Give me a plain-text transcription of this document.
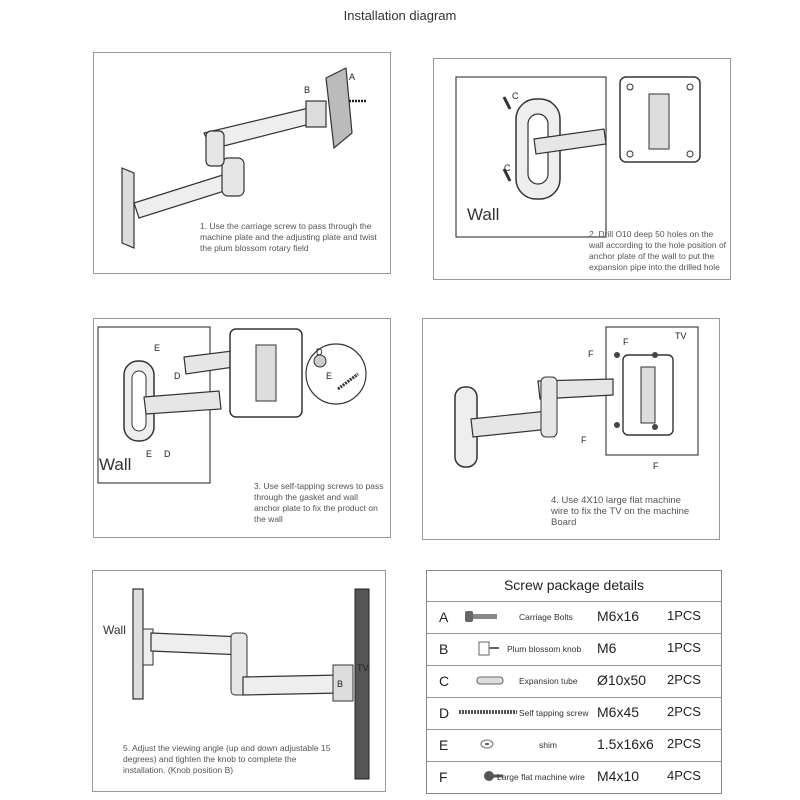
Installation diagram
A
B
1. Use the carriage screw to pass through the machine plate and the adjusting plate and twist the plum blossom rotary field
C
C
Wall
2. Drill O10 deep 50 holes on the wall according to the hole position of anchor plate of the wall to put the expansion pipe into the drilled hole
E
D
E D
D
E
Wall
3. Use self-tapping screws to pass through the gasket and wall anchor plate to fix the product on the wall
F
F
F
F
TV
4. Use 4X10 large flat machine wire to fix the TV on the machine Board
B
TV
Wall
5. Adjust the viewing angle (up and down adjustable 15 degrees) and tighten the knob to complete the installation. (Knob position B)
Screw package details
A	Carriage Bolts M6x16 1PCS
B	Plum blossom knob M6	1PCS
C	Expansion tube Ø10x50 2PCS
D	Self tapping screw M6x45 2PCS
E	shim	1.5x16x6 2PCS
F	Large flat machine wire M4x10 4PCS
